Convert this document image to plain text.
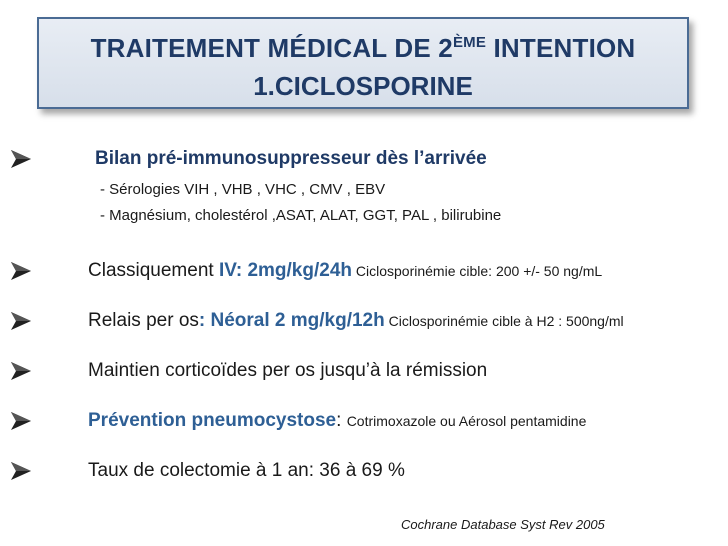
TRAITEMENT MÉDICAL DE 2ÈME INTENTION
1.CICLOSPORINE
Bilan pré-immunosuppresseur dès l’arrivée
- Sérologies VIH , VHB , VHC , CMV , EBV
- Magnésium, cholestérol ,ASAT, ALAT, GGT, PAL , bilirubine
Classiquement IV: 2mg/kg/24h Ciclosporinémie cible: 200 +/- 50 ng/mL
Relais per os: Néoral 2 mg/kg/12h Ciclosporinémie cible à H2 : 500ng/ml
Maintien corticoïdes per os jusqu’à la rémission
Prévention pneumocystose: Cotrimoxazole ou Aérosol pentamidine
Taux de colectomie à 1 an: 36 à 69 %
Cochrane Database Syst Rev 2005
